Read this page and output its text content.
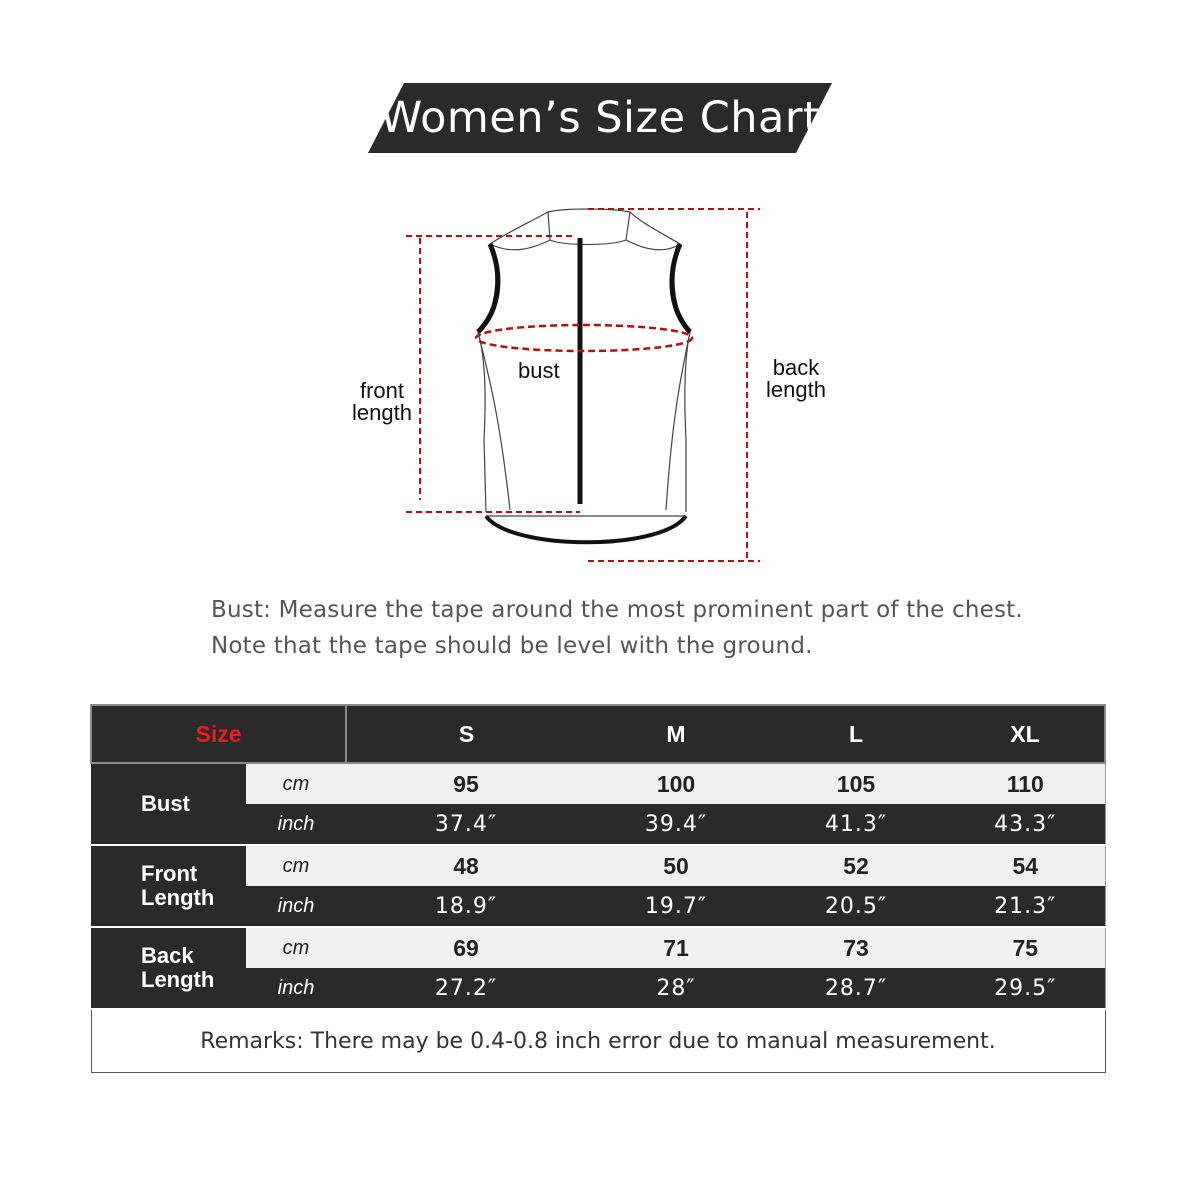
Women’s Size Chart
bust
front
length
back
length
Bust: Measure the tape around the most prominent part of the chest.
Note that the tape should be level with the ground.
Size		S	M	L	XL
Bust	cm	95	100	105	110
	inch	37.4″	39.4″	41.3″	43.3″

Front
Length	cm	48	50	52	54
	inch	18.9″	19.7″	20.5″	21.3″

Back
Length	cm	69	71	73	75
	inch	27.2″	28″	28.7″	29.5″
Remarks: There may be 0.4-0.8 inch error due to manual measurement.					
